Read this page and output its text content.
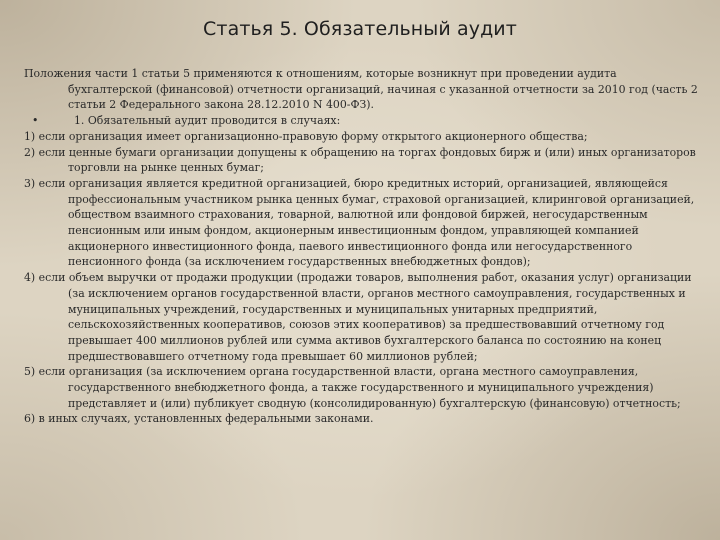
Статья 5. Обязательный аудит

Положения части 1 статьи 5 применяются к отношениям, которые возникнут при проведении аудита бухгалтерской (финансовой) отчетности организаций, начиная с указанной отчетности за 2010 год (часть 2 статьи 2 Федерального закона 28.12.2010 N 400-ФЗ).

•	1. Обязательный аудит проводится в случаях:

1) если организация имеет организационно-правовую форму открытого акционерного общества;

2) если ценные бумаги организации допущены к обращению на торгах фондовых бирж и (или) иных организаторов торговли на рынке ценных бумаг;

3) если организация является кредитной организацией, бюро кредитных историй, организацией, являющейся профессиональным участником рынка ценных бумаг, страховой организацией, клиринговой организацией, обществом взаимного страхования, товарной, валютной или фондовой биржей, негосударственным пенсионным или иным фондом, акционерным инвестиционным фондом, управляющей компанией акционерного инвестиционного фонда, паевого инвестиционного фонда или негосударственного пенсионного фонда (за исключением государственных внебюджетных фондов);

4) если объем выручки от продажи продукции (продажи товаров, выполнения работ, оказания услуг) организации (за исключением органов государственной власти, органов местного самоуправления, государственных и муниципальных учреждений, государственных и муниципальных унитарных предприятий, сельскохозяйственных кооперативов, союзов этих кооперативов) за предшествовавший отчетному год превышает 400 миллионов рублей или сумма активов бухгалтерского баланса по состоянию на конец предшествовавшего отчетному года превышает 60 миллионов рублей;

5) если организация (за исключением органа государственной власти, органа местного самоуправления, государственного внебюджетного фонда, а также государственного и муниципального учреждения) представляет и (или) публикует сводную (консолидированную) бухгалтерскую (финансовую) отчетность;

6) в иных случаях, установленных федеральными законами.
